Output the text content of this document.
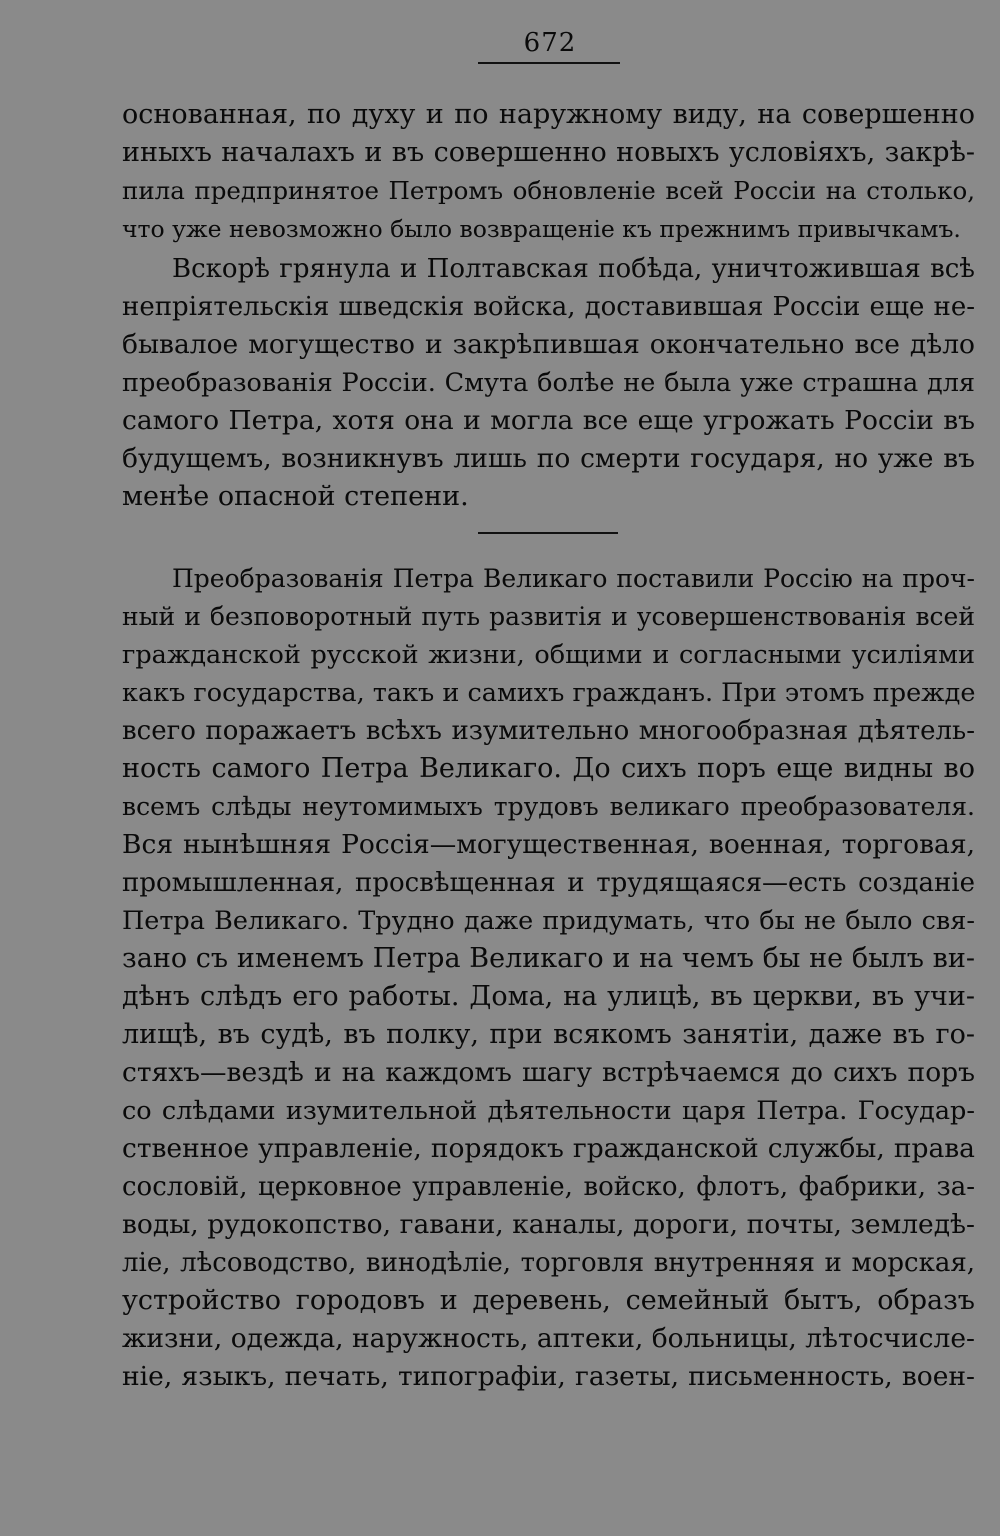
672
основанная, по духу и по наружному виду, на совершенно
иныхъ началахъ и въ совершенно новыхъ условіяхъ, закрѣ-
пила предпринятое Петромъ обновленіе всей Россіи на столько,
что уже невозможно было возвращеніе къ прежнимъ привычкамъ.
Вскорѣ грянула и Полтавская побѣда, уничтожившая всѣ
непріятельскія шведскія войска, доставившая Россіи еще не-
бывалое могущество и закрѣпившая окончательно все дѣло
преобразованія Россіи. Смута болѣе не была уже страшна для
самого Петра, хотя она и могла все еще угрожать Россіи въ
будущемъ, возникнувъ лишь по смерти государя, но уже въ
менѣе опасной степени.
Преобразованія Петра Великаго поставили Россію на проч-
ный и безповоротный путь развитія и усовершенствованія всей
гражданской русской жизни, общими и согласными усиліями
какъ государства, такъ и самихъ гражданъ. При этомъ прежде
всего поражаетъ всѣхъ изумительно многообразная дѣятель-
ность самого Петра Великаго. До сихъ поръ еще видны во
всемъ слѣды неутомимыхъ трудовъ великаго преобразователя.
Вся нынѣшняя Россія—могущественная, военная, торговая,
промышленная, просвѣщенная и трудящаяся—есть созданіе
Петра Великаго. Трудно даже придумать, что бы не было свя-
зано съ именемъ Петра Великаго и на чемъ бы не былъ ви-
дѣнъ слѣдъ его работы. Дома, на улицѣ, въ церкви, въ учи-
лищѣ, въ судѣ, въ полку, при всякомъ занятіи, даже въ го-
стяхъ—вездѣ и на каждомъ шагу встрѣчаемся до сихъ поръ
со слѣдами изумительной дѣятельности царя Петра. Государ-
ственное управленіе, порядокъ гражданской службы, права
сословій, церковное управленіе, войско, флотъ, фабрики, за-
воды, рудокопство, гавани, каналы, дороги, почты, земледѣ-
ліе, лѣсоводство, винодѣліе, торговля внутренняя и морская,
устройство городовъ и деревень, семейный бытъ, образъ
жизни, одежда, наружность, аптеки, больницы, лѣтосчисле-
ніе, языкъ, печать, типографіи, газеты, письменность, воен-
